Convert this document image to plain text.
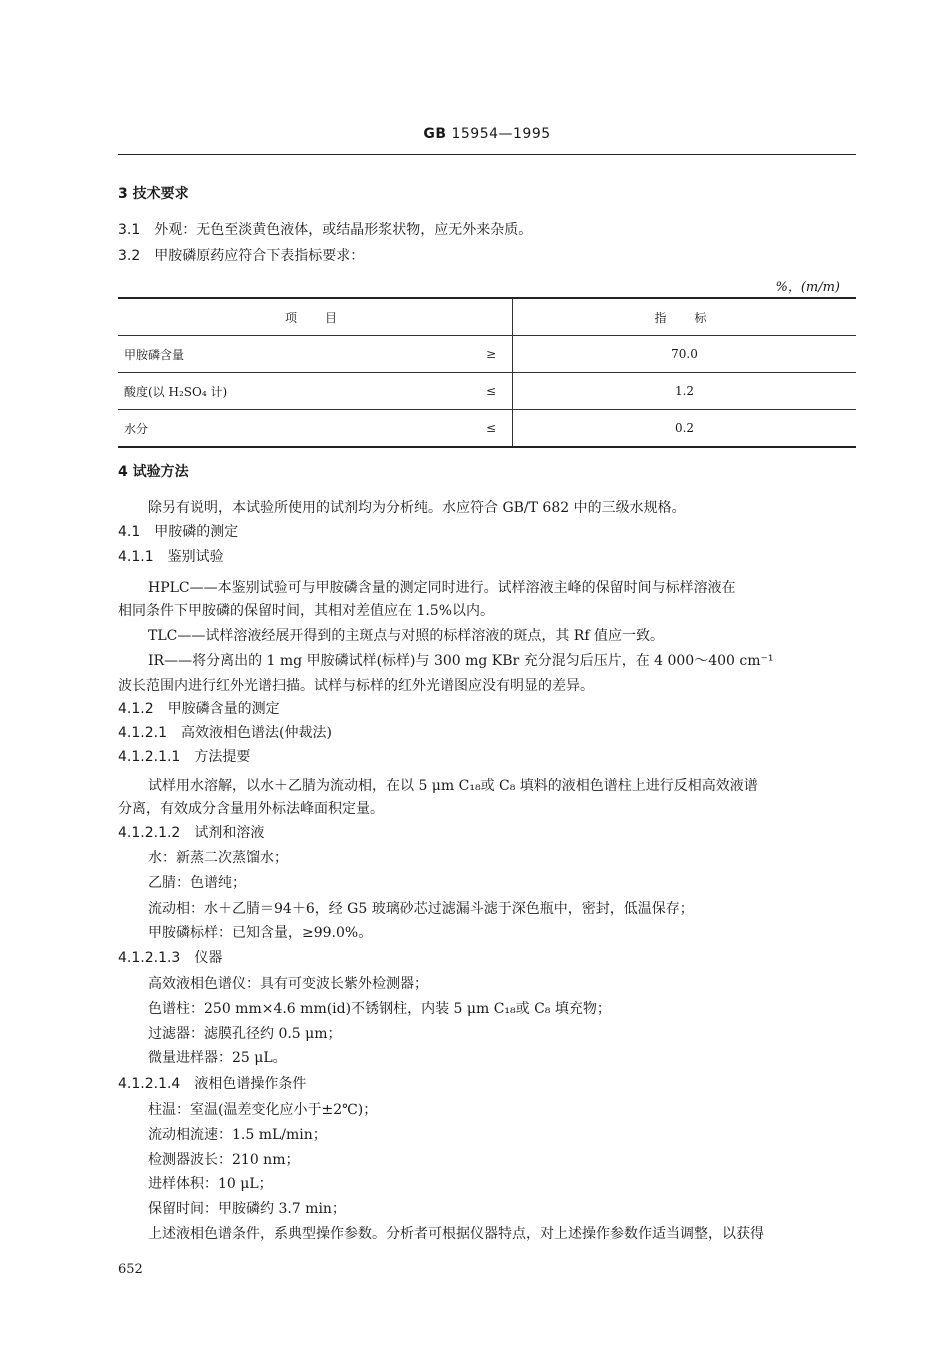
GB 15954—1995
3 技术要求
3.1 外观：无色至淡黄色液体，或结晶形浆状物，应无外来杂质。
3.2 甲胺磷原药应符合下表指标要求：
%，(m/m)
项　目		指　标
甲胺磷含量	≥	70.0
酸度(以 H₂SO₄ 计)	≤	1.2
水分	≤	0.2
4 试验方法
除另有说明，本试验所使用的试剂均为分析纯。水应符合 GB/T 682 中的三级水规格。
4.1 甲胺磷的测定
4.1.1 鉴别试验
HPLC——本鉴别试验可与甲胺磷含量的测定同时进行。试样溶液主峰的保留时间与标样溶液在
相同条件下甲胺磷的保留时间，其相对差值应在 1.5%以内。
TLC——试样溶液经展开得到的主斑点与对照的标样溶液的斑点，其 Rf 值应一致。
IR——将分离出的 1 mg 甲胺磷试样(标样)与 300 mg KBr 充分混匀后压片，在 4 000～400 cm⁻¹
波长范围内进行红外光谱扫描。试样与标样的红外光谱图应没有明显的差异。
4.1.2 甲胺磷含量的测定
4.1.2.1 高效液相色谱法(仲裁法)
4.1.2.1.1 方法提要
试样用水溶解，以水＋乙腈为流动相，在以 5 μm C₁₈或 C₈ 填料的液相色谱柱上进行反相高效液谱
分离，有效成分含量用外标法峰面积定量。
4.1.2.1.2 试剂和溶液
水：新蒸二次蒸馏水；
乙腈：色谱纯；
流动相：水＋乙腈＝94＋6，经 G5 玻璃砂芯过滤漏斗滤于深色瓶中，密封，低温保存；
甲胺磷标样：已知含量，≥99.0%。
4.1.2.1.3 仪器
高效液相色谱仪：具有可变波长紫外检测器；
色谱柱：250 mm×4.6 mm(id)不锈钢柱，内装 5 μm C₁₈或 C₈ 填充物；
过滤器：滤膜孔径约 0.5 μm；
微量进样器：25 μL。
4.1.2.1.4 液相色谱操作条件
柱温：室温(温差变化应小于±2℃)；
流动相流速：1.5 mL/min；
检测器波长：210 nm；
进样体积：10 μL；
保留时间：甲胺磷约 3.7 min；
上述液相色谱条件，系典型操作参数。分析者可根据仪器特点，对上述操作参数作适当调整，以获得
652
